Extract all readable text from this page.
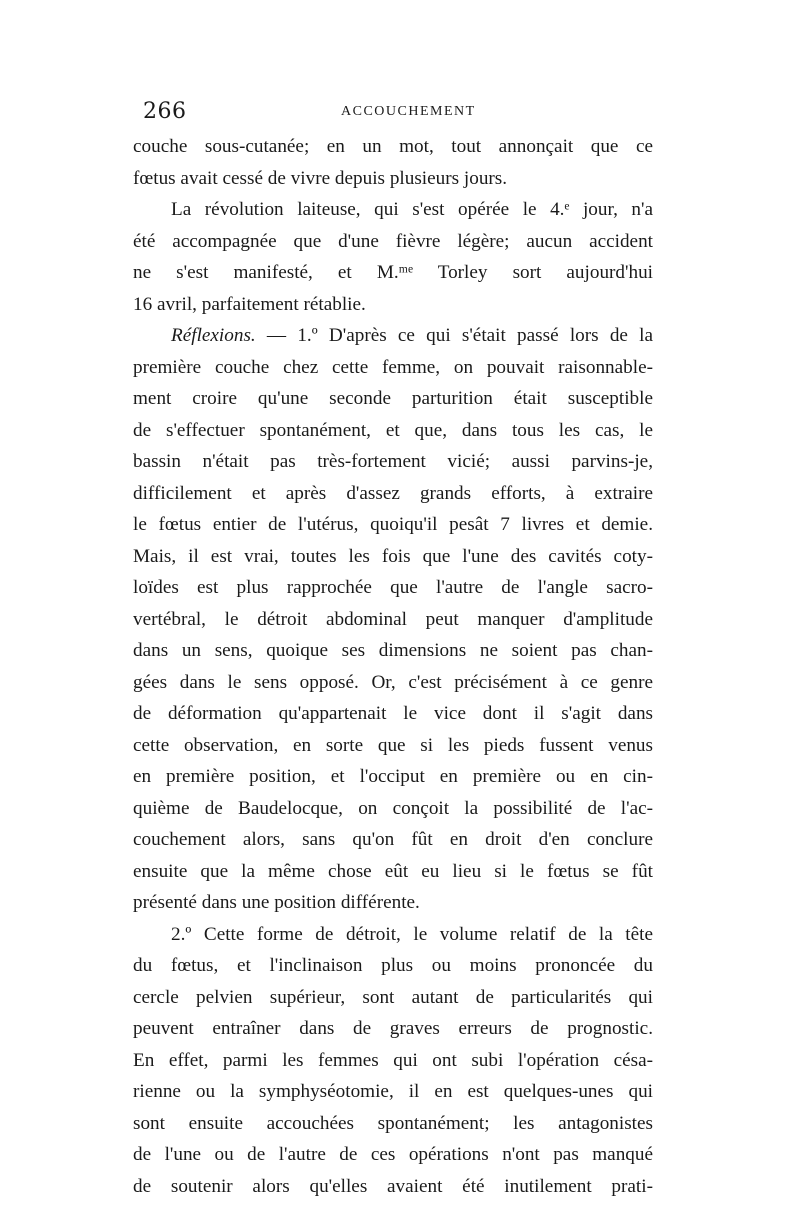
266	ACCOUCHEMENT
couche sous-cutanée; en un mot, tout annonçait que ce
fœtus avait cessé de vivre depuis plusieurs jours.
La révolution laiteuse, qui s'est opérée le 4.ᵉ jour, n'a
été accompagnée que d'une fièvre légère; aucun accident
ne s'est manifesté, et M.ᵐᵉ Torley sort aujourd'hui
16 avril, parfaitement rétablie.
Réflexions. — 1.º D'après ce qui s'était passé lors de la
première couche chez cette femme, on pouvait raisonnable-
ment croire qu'une seconde parturition était susceptible
de s'effectuer spontanément, et que, dans tous les cas, le
bassin n'était pas très-fortement vicié; aussi parvins-je,
difficilement et après d'assez grands efforts, à extraire
le fœtus entier de l'utérus, quoiqu'il pesât 7 livres et demie.
Mais, il est vrai, toutes les fois que l'une des cavités coty-
loïdes est plus rapprochée que l'autre de l'angle sacro-
vertébral, le détroit abdominal peut manquer d'amplitude
dans un sens, quoique ses dimensions ne soient pas chan-
gées dans le sens opposé. Or, c'est précisément à ce genre
de déformation qu'appartenait le vice dont il s'agit dans
cette observation, en sorte que si les pieds fussent venus
en première position, et l'occiput en première ou en cin-
quième de Baudelocque, on conçoit la possibilité de l'ac-
couchement alors, sans qu'on fût en droit d'en conclure
ensuite que la même chose eût eu lieu si le fœtus se fût
présenté dans une position différente.
2.º Cette forme de détroit, le volume relatif de la tête
du fœtus, et l'inclinaison plus ou moins prononcée du
cercle pelvien supérieur, sont autant de particularités qui
peuvent entraîner dans de graves erreurs de prognostic.
En effet, parmi les femmes qui ont subi l'opération césa-
rienne ou la symphyséotomie, il en est quelques-unes qui
sont ensuite accouchées spontanément; les antagonistes
de l'une ou de l'autre de ces opérations n'ont pas manqué
de soutenir alors qu'elles avaient été inutilement prati-
